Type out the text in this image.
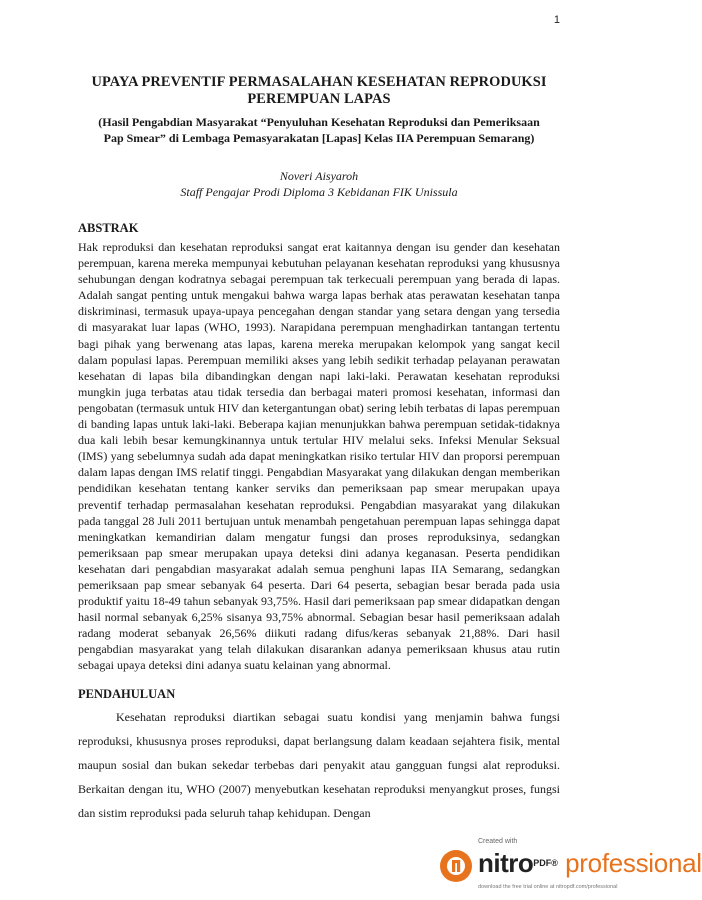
1
UPAYA PREVENTIF PERMASALAHAN KESEHATAN REPRODUKSI PEREMPUAN LAPAS

(Hasil Pengabdian Masyarakat “Penyuluhan Kesehatan Reproduksi dan Pemeriksaan Pap Smear” di Lembaga Pemasyarakatan [Lapas] Kelas IIA Perempuan Semarang)

Noveri Aisyaroh

Staff Pengajar Prodi Diploma 3 Kebidanan FIK Unissula

ABSTRAK

Hak reproduksi dan kesehatan reproduksi sangat erat kaitannya dengan isu gender dan kesehatan perempuan, karena mereka mempunyai kebutuhan pelayanan kesehatan reproduksi yang khususnya sehubungan dengan kodratnya sebagai perempuan tak terkecuali perempuan yang berada di lapas. Adalah sangat penting untuk mengakui bahwa warga lapas berhak atas perawatan kesehatan tanpa diskriminasi, termasuk upaya-upaya pencegahan dengan standar yang setara dengan yang tersedia di masyarakat luar lapas (WHO, 1993). Narapidana perempuan menghadirkan tantangan tertentu bagi pihak yang berwenang atas lapas, karena mereka merupakan kelompok yang sangat kecil dalam populasi lapas. Perempuan memiliki akses yang lebih sedikit terhadap pelayanan perawatan kesehatan di lapas bila dibandingkan dengan napi laki-laki. Perawatan kesehatan reproduksi mungkin juga terbatas atau tidak tersedia dan berbagai materi promosi kesehatan, informasi dan pengobatan (termasuk untuk HIV dan ketergantungan obat) sering lebih terbatas di lapas perempuan di banding lapas untuk laki-laki. Beberapa kajian menunjukkan bahwa perempuan setidak-tidaknya dua kali lebih besar kemungkinannya untuk tertular HIV melalui seks. Infeksi Menular Seksual (IMS) yang sebelumnya sudah ada dapat meningkatkan risiko tertular HIV dan proporsi perempuan dalam lapas dengan IMS relatif tinggi. Pengabdian Masyarakat yang dilakukan dengan memberikan pendidikan kesehatan tentang kanker serviks dan pemeriksaan pap smear merupakan upaya preventif terhadap permasalahan kesehatan reproduksi. Pengabdian masyarakat yang dilakukan pada tanggal 28 Juli 2011 bertujuan untuk menambah pengetahuan perempuan lapas sehingga dapat meningkatkan kemandirian dalam mengatur fungsi dan proses reproduksinya, sedangkan pemeriksaan pap smear merupakan upaya deteksi dini adanya keganasan. Peserta pendidikan kesehatan dari pengabdian masyarakat adalah semua penghuni lapas IIA Semarang, sedangkan pemeriksaan pap smear sebanyak 64 peserta. Dari 64 peserta, sebagian besar berada pada usia produktif yaitu 18-49 tahun sebanyak 93,75%. Hasil dari pemeriksaan pap smear didapatkan dengan hasil normal sebanyak 6,25% sisanya 93,75% abnormal. Sebagian besar hasil pemeriksaan adalah radang moderat sebanyak 26,56% diikuti radang difus/keras sebanyak 21,88%. Dari hasil pengabdian masyarakat yang telah dilakukan disarankan adanya pemeriksaan khusus atau rutin sebagai upaya deteksi dini adanya suatu kelainan yang abnormal.

PENDAHULUAN

Kesehatan reproduksi diartikan sebagai suatu kondisi yang menjamin bahwa fungsi reproduksi, khususnya proses reproduksi, dapat berlangsung dalam keadaan sejahtera fisik, mental maupun sosial dan bukan sekedar terbebas dari penyakit atau gangguan fungsi alat reproduksi. Berkaitan dengan itu, WHO (2007) menyebutkan kesehatan reproduksi menyangkut proses, fungsi dan sistim reproduksi pada seluruh tahap kehidupan. Dengan

Created with
nitro$^{PDF®}$ professional
download the free trial online at nitropdf.com/professional
